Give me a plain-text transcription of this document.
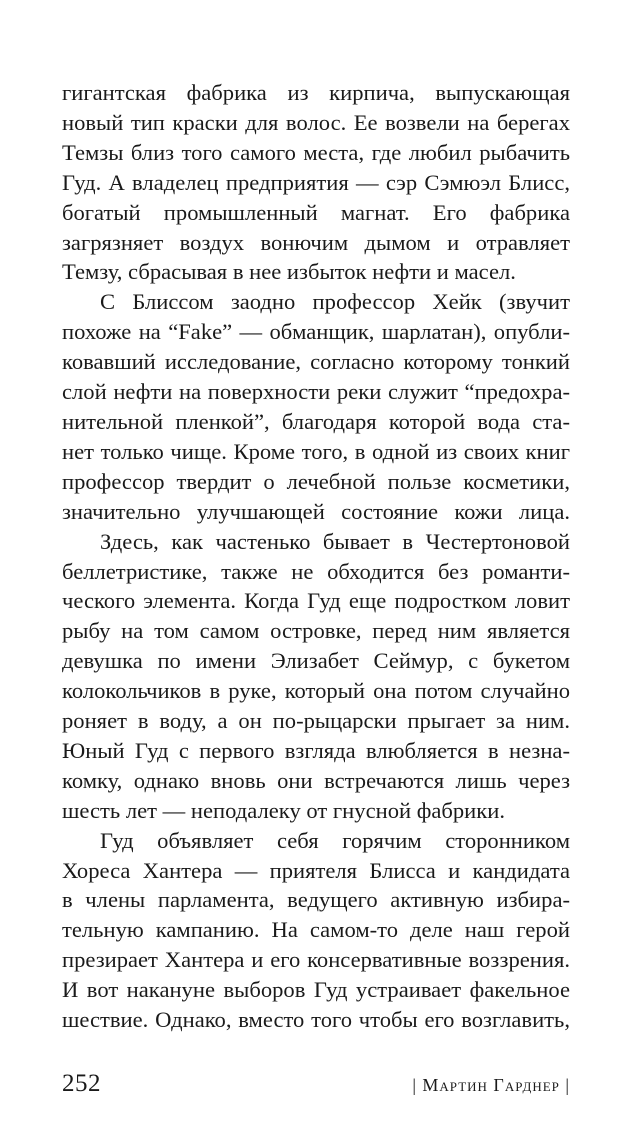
гигантская фабрика из кирпича, выпускающая
новый тип краски для волос. Ее возвели на берегах
Темзы близ того самого места, где любил рыбачить
Гуд. А владелец предприятия — сэр Сэмюэл Блисс,
богатый промышленный магнат. Его фабрика
загрязняет воздух вонючим дымом и отравляет
Темзу, сбрасывая в нее избыток нефти и масел.

С Блиссом заодно профессор Хейк (звучит
похоже на “Fake” — обманщик, шарлатан), опубли-
ковавший исследование, согласно которому тонкий
слой нефти на поверхности реки служит “предохра-
нительной пленкой”, благодаря которой вода ста-
нет только чище. Кроме того, в одной из своих книг
профессор твердит о лечебной пользе косметики,
значительно улучшающей состояние кожи лица.

Здесь, как частенько бывает в Честертоновой
беллетристике, также не обходится без романти-
ческого элемента. Когда Гуд еще подростком ловит
рыбу на том самом островке, перед ним является
девушка по имени Элизабет Сеймур, с букетом
колокольчиков в руке, который она потом случайно
роняет в воду, а он по-рыцарски прыгает за ним.
Юный Гуд с первого взгляда влюбляется в незна-
комку, однако вновь они встречаются лишь через
шесть лет — неподалеку от гнусной фабрики.

Гуд объявляет себя горячим сторонником
Хореса Хантера — приятеля Блисса и кандидата
в члены парламента, ведущего активную избира-
тельную кампанию. На самом-то деле наш герой
презирает Хантера и его консервативные воззрения.
И вот накануне выборов Гуд устраивает факельное
шествие. Однако, вместо того чтобы его возглавить,

252	| Мартин Гарднер |
